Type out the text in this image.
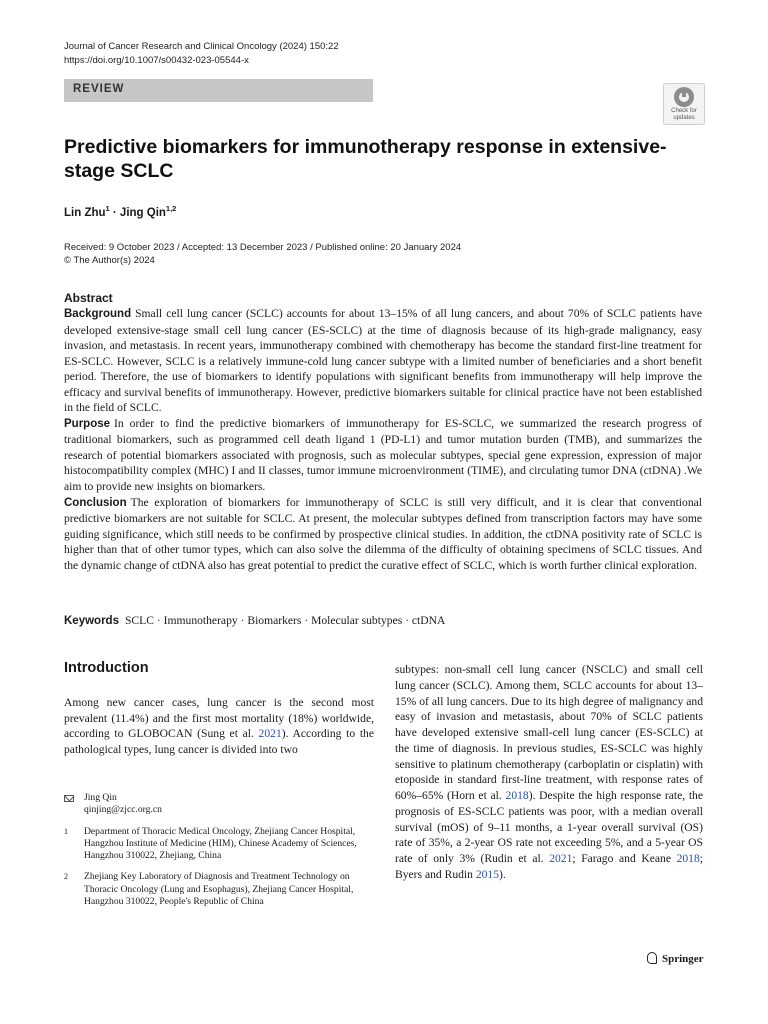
Journal of Cancer Research and Clinical Oncology (2024) 150:22
https://doi.org/10.1007/s00432-023-05544-x
REVIEW
Check for
updates
Predictive biomarkers for immunotherapy response in extensive-stage SCLC
Lin Zhu$^1$ · Jing Qin$^{1,2}$
Received: 9 October 2023 / Accepted: 13 December 2023 / Published online: 20 January 2024
© The Author(s) 2024
Abstract

Background Small cell lung cancer (SCLC) accounts for about 13–15% of all lung cancers, and about 70% of SCLC patients have developed extensive-stage small cell lung cancer (ES-SCLC) at the time of diagnosis because of its high-grade malignancy, easy invasion, and metastasis. In recent years, immunotherapy combined with chemotherapy has become the standard first-line treatment for ES-SCLC. However, SCLC is a relatively immune-cold lung cancer subtype with a limited number of beneficiaries and a short benefit period. Therefore, the use of biomarkers to identify populations with significant benefits from immunotherapy will help improve the efficacy and survival benefits of immunotherapy. However, predictive biomarkers suitable for clinical practice have not been established in the field of SCLC.

Purpose In order to find the predictive biomarkers of immunotherapy for ES-SCLC, we summarized the research progress of traditional biomarkers, such as programmed cell death ligand 1 (PD-L1) and tumor mutation burden (TMB), and summarizes the research of potential biomarkers associated with prognosis, such as molecular subtypes, special gene expression, expression of major histocompatibility complex (MHC) I and II classes, tumor immune microenvironment (TIME), and circulating tumor DNA (ctDNA) .We aim to provide new insights on biomarkers.

Conclusion The exploration of biomarkers for immunotherapy of SCLC is still very difficult, and it is clear that conventional predictive biomarkers are not suitable for SCLC. At present, the molecular subtypes defined from transcription factors may have some guiding significance, which still needs to be confirmed by prospective clinical studies. In addition, the ctDNA positivity rate of SCLC is higher than that of other tumor types, which can also solve the dilemma of the difficulty of obtaining specimens of SCLC tissues. And the dynamic change of ctDNA also has great potential to predict the curative effect of SCLC, which is worth further clinical exploration.

Keywords SCLC · Immunotherapy · Biomarkers · Molecular subtypes · ctDNA
Introduction
Among new cancer cases, lung cancer is the second most prevalent (11.4%) and the first most mortality (18%) worldwide, according to GLOBOCAN (Sung et al. 2021). According to the pathological types, lung cancer is divided into two
subtypes: non-small cell lung cancer (NSCLC) and small cell lung cancer (SCLC). Among them, SCLC accounts for about 13–15% of all lung cancers. Due to its high degree of malignancy and easy of invasion and metastasis, about 70% of SCLC patients have developed extensive small-cell lung cancer (ES-SCLC) at the time of diagnosis. In previous studies, ES-SCLC was highly sensitive to platinum chemotherapy (carboplatin or cisplatin) with etoposide in standard first-line treatment, with response rates of 60%–65% (Horn et al. 2018). Despite the high response rate, the prognosis of ES-SCLC patients was poor, with a median overall survival (mOS) of 9–11 months, a 1-year overall survival (OS) rate of 35%, a 2-year OS rate not exceeding 5%, and a 5-year OS rate of only 3% (Rudin et al. 2021; Farago and Keane 2018; Byers and Rudin 2015).
Jing Qin
qinjing@zjcc.org.cn
1 Department of Thoracic Medical Oncology, Zhejiang Cancer Hospital, Hangzhou Institute of Medicine (HIM), Chinese Academy of Sciences, Hangzhou 310022, Zhejiang, China
2 Zhejiang Key Laboratory of Diagnosis and Treatment Technology on Thoracic Oncology (Lung and Esophagus), Zhejiang Cancer Hospital, Hangzhou 310022, People's Republic of China
Springer
